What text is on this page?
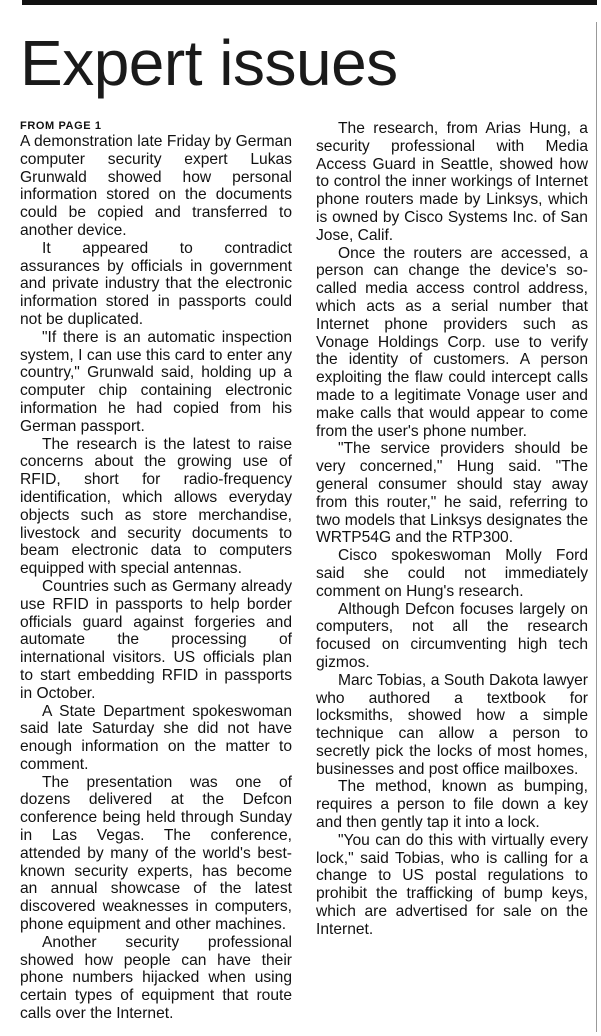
Expert issues
FROM PAGE 1

A demonstration late Friday by German computer security expert Lukas Grunwald showed how personal information stored on the documents could be copied and transferred to another device.

It appeared to contradict assurances by officials in government and private industry that the electronic information stored in passports could not be duplicated.

"If there is an automatic inspection system, I can use this card to enter any country," Grunwald said, holding up a computer chip containing electronic information he had copied from his German passport.

The research is the latest to raise concerns about the growing use of RFID, short for radio-frequency identification, which allows everyday objects such as store merchandise, livestock and security documents to beam electronic data to computers equipped with special antennas.

Countries such as Germany already use RFID in passports to help border officials guard against forgeries and automate the processing of international visitors. US officials plan to start embedding RFID in passports in October.

A State Department spokeswoman said late Saturday she did not have enough information on the matter to comment.

The presentation was one of dozens delivered at the Defcon conference being held through Sunday in Las Vegas. The conference, attended by many of the world's best-known security experts, has become an annual showcase of the latest discovered weaknesses in computers, phone equipment and other machines.

Another security professional showed how people can have their phone numbers hijacked when using certain types of equipment that route calls over the Internet.

The research, from Arias Hung, a security professional with Media Access Guard in Seattle, showed how to control the inner workings of Internet phone routers made by Linksys, which is owned by Cisco Systems Inc. of San Jose, Calif.

Once the routers are accessed, a person can change the device's so-called media access control address, which acts as a serial number that Internet phone providers such as Vonage Holdings Corp. use to verify the identity of customers. A person exploiting the flaw could intercept calls made to a legitimate Vonage user and make calls that would appear to come from the user's phone number.

"The service providers should be very concerned," Hung said. "The general consumer should stay away from this router," he said, referring to two models that Linksys designates the WRTP54G and the RTP300.

Cisco spokeswoman Molly Ford said she could not immediately comment on Hung's research.

Although Defcon focuses largely on computers, not all the research focused on circumventing high tech gizmos.

Marc Tobias, a South Dakota lawyer who authored a textbook for locksmiths, showed how a simple technique can allow a person to secretly pick the locks of most homes, businesses and post office mailboxes.

The method, known as bumping, requires a person to file down a key and then gently tap it into a lock.

"You can do this with virtually every lock," said Tobias, who is calling for a change to US postal regulations to prohibit the trafficking of bump keys, which are advertised for sale on the Internet.
